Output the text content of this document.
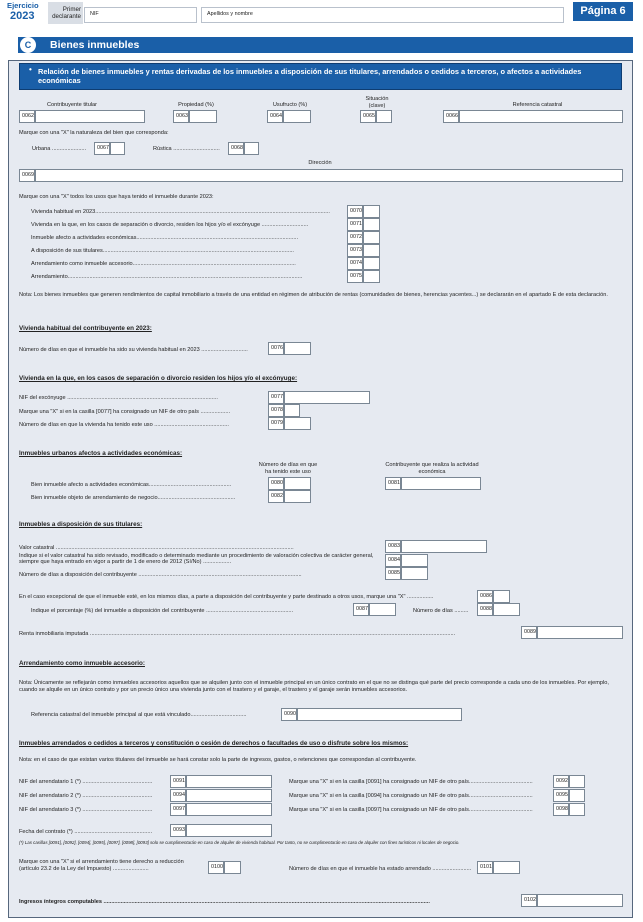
Ejercicio
2023
Primer declarante NIF	Apellidos y nombre	Página 6
C	Bienes inmuebles
• Relación de bienes inmuebles y rentas derivadas de los inmuebles a disposición de sus titulares, arrendados o cedidos a terceros, o afectos a actividades económicas
Contribuyente titular	Propiedad (%)	Usufructo (%)
Situación (clave)	Referencia catastral
0062	0063	0064	0065	0066
Marque con una "X" la naturaleza del bien que corresponda:
Urbana ......................	0067	Rústica ..............................	0068
Dirección
0069
Marque con una "X" todos los usos que haya tenido el inmueble durante 2023:
Vivienda habitual en 2023.......................................................................................................................................................	0070
Vivienda en la que, en los casos de separación o divorcio, residen los hijos y/o el excónyuge ..............................	0071
Inmueble afecto a actividades económicas........................................................................................................	0072
A disposición de sus titulares...........................................................................................................................	0073
Arrendamiento como inmueble accesorio.........................................................................................................	0074
Arrendamiento.......................................................................................................................................................	0075
Nota: Los bienes inmuebles que generen rendimientos de capital inmobiliario a través de una entidad en régimen de atribución de rentas (comunidades de bienes, herencias yacentes...) se declararán en el apartado E de esta declaración.
Vivienda habitual del contribuyente en 2023:
Número de días en que el inmueble ha sido su vivienda habitual en 2023 ..............................	0076
Vivienda en la que, en los casos de separación o divorcio residen los hijos y/o el excónyuge:
NIF del excónyuge .................................................................................................	0077
Marque una "X" si en la casilla [0077] ha consignado un NIF de otro país ...................	0078
Número de días en que la vivienda ha tenido este uso ................................................	0079
Inmuebles urbanos afectos a actividades económicas:
Número de días en que ha tenido este uso
Contribuyente que realiza la actividad económica
Bien inmueble afecto a actividades económicas.....................................................	0080	0081
Bien inmueble objeto de arrendamiento de negocio..................................................	0082
Inmuebles a disposición de sus titulares:
Valor catastral .........................................................................................................................................................	0083
Indique si el valor catastral ha sido revisado, modificado o determinado mediante un procedimiento de valoración colectiva de carácter general, siempre que haya entrado en vigor a partir de 1 de enero de 2012 (Sí/No) ..................	0084
Número de días a disposición del contribuyente .........................................................................................................	0085
En el caso excepcional de que el inmueble esté, en los mismos días, a parte a disposición del contribuyente y parte destinado a otros usos, marque una "X" .................	0086
Indique el porcentaje (%) del inmueble a disposición del contribuyente ........................................................	0087	Número de días .........	0088
Renta inmobiliaria imputada ...........................................................................................................................................................................................................................................	0089
Arrendamiento como inmueble accesorio:
Nota: Únicamente se reflejarán como inmuebles accesorios aquellos que se alquilen junto con el inmueble principal en un único contrato en el que no se distinga qué parte del precio corresponde a cada uno de los inmuebles. Por ejemplo, cuando se alquile en un único contrato y por un precio único una vivienda junto con el trastero y el garaje, el trastero y el garaje serán inmuebles accesorios.
Referencia catastral del inmueble principal al que está vinculado....................................	0090
Inmuebles arrendados o cedidos a terceros y constitución o cesión de derechos o facultades de uso o disfrute sobre los mismos:
Nota: en el caso de que existan varios titulares del inmueble se hará constar solo la parte de ingresos, gastos, o retenciones que correspondan al contribuyente.
NIF del arrendatario 1 (*) .............................................	0091	Marque una "X" si en la casilla [0091] ha consignado un NIF de otro país.........................................	0092
NIF del arrendatario 2 (*) .............................................	0094	Marque una "X" si en la casilla [0094] ha consignado un NIF de otro país.........................................	0095
NIF del arrendatario 3 (*) .............................................	0097	Marque una "X" si en la casilla [0097] ha consignado un NIF de otro país.........................................	0098
Fecha del contrato (*) ..................................................	0093
(*) Las casillas [0091], [0092], [0094], [0095], [0097], [0098], [0093] solo se cumplimentarán en caso de alquiler de vivienda habitual. Por tanto, no se cumplimentarán en caso de alquiler con fines turísticos ni locales de negocio.
Marque con una "X" si el arrendamiento tiene derecho a reducción (artículo 23.2 de la Ley del Impuesto) .......................	0100	Número de días en que el inmueble ha estado arrendado .........................	0101
Ingresos íntegros computables ..................................................................................................................................................................................................................	0102
